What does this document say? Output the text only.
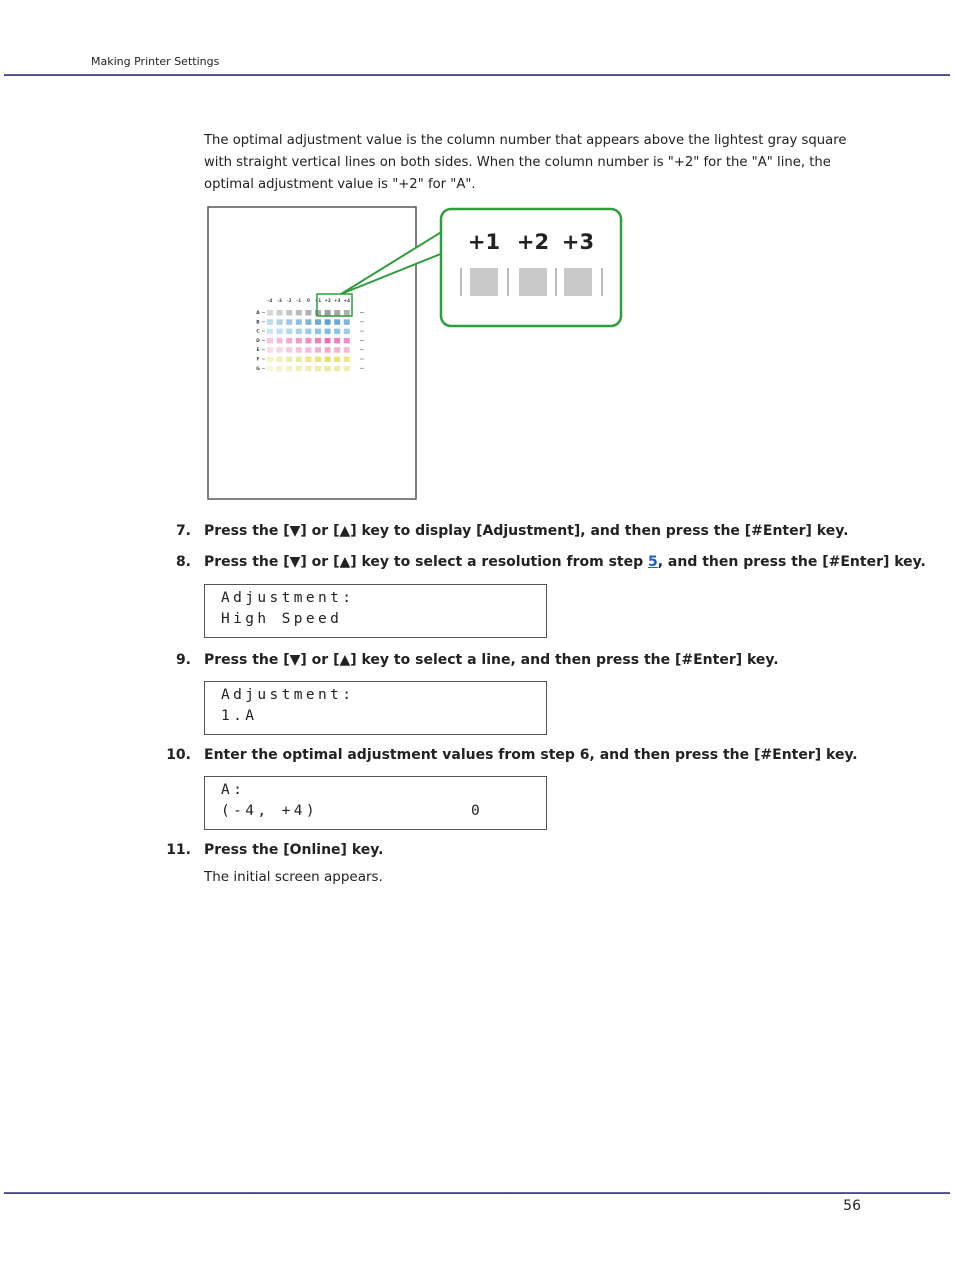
Making Printer Settings
The optimal adjustment value is the column number that appears above the lightest gray square with straight vertical lines on both sides. When the column number is "+2" for the "A" line, the optimal adjustment value is "+2" for "A".
-4 -3 -2 -1 0 +1 +2 +3 +4
A
B
C
D
E
F
G
+1 +2 +3
7. Press the [▼] or [▲] key to display [Adjustment], and then press the [#Enter] key.
8. Press the [▼] or [▲] key to select a resolution from step 5, and then press the [#Enter] key.
Adjustment:
High Speed
9. Press the [▼] or [▲] key to select a line, and then press the [#Enter] key.
Adjustment:
1.A
10. Enter the optimal adjustment values from step 6, and then press the [#Enter] key.
A:
(-4, +4)	0
11. Press the [Online] key.
The initial screen appears.
56
